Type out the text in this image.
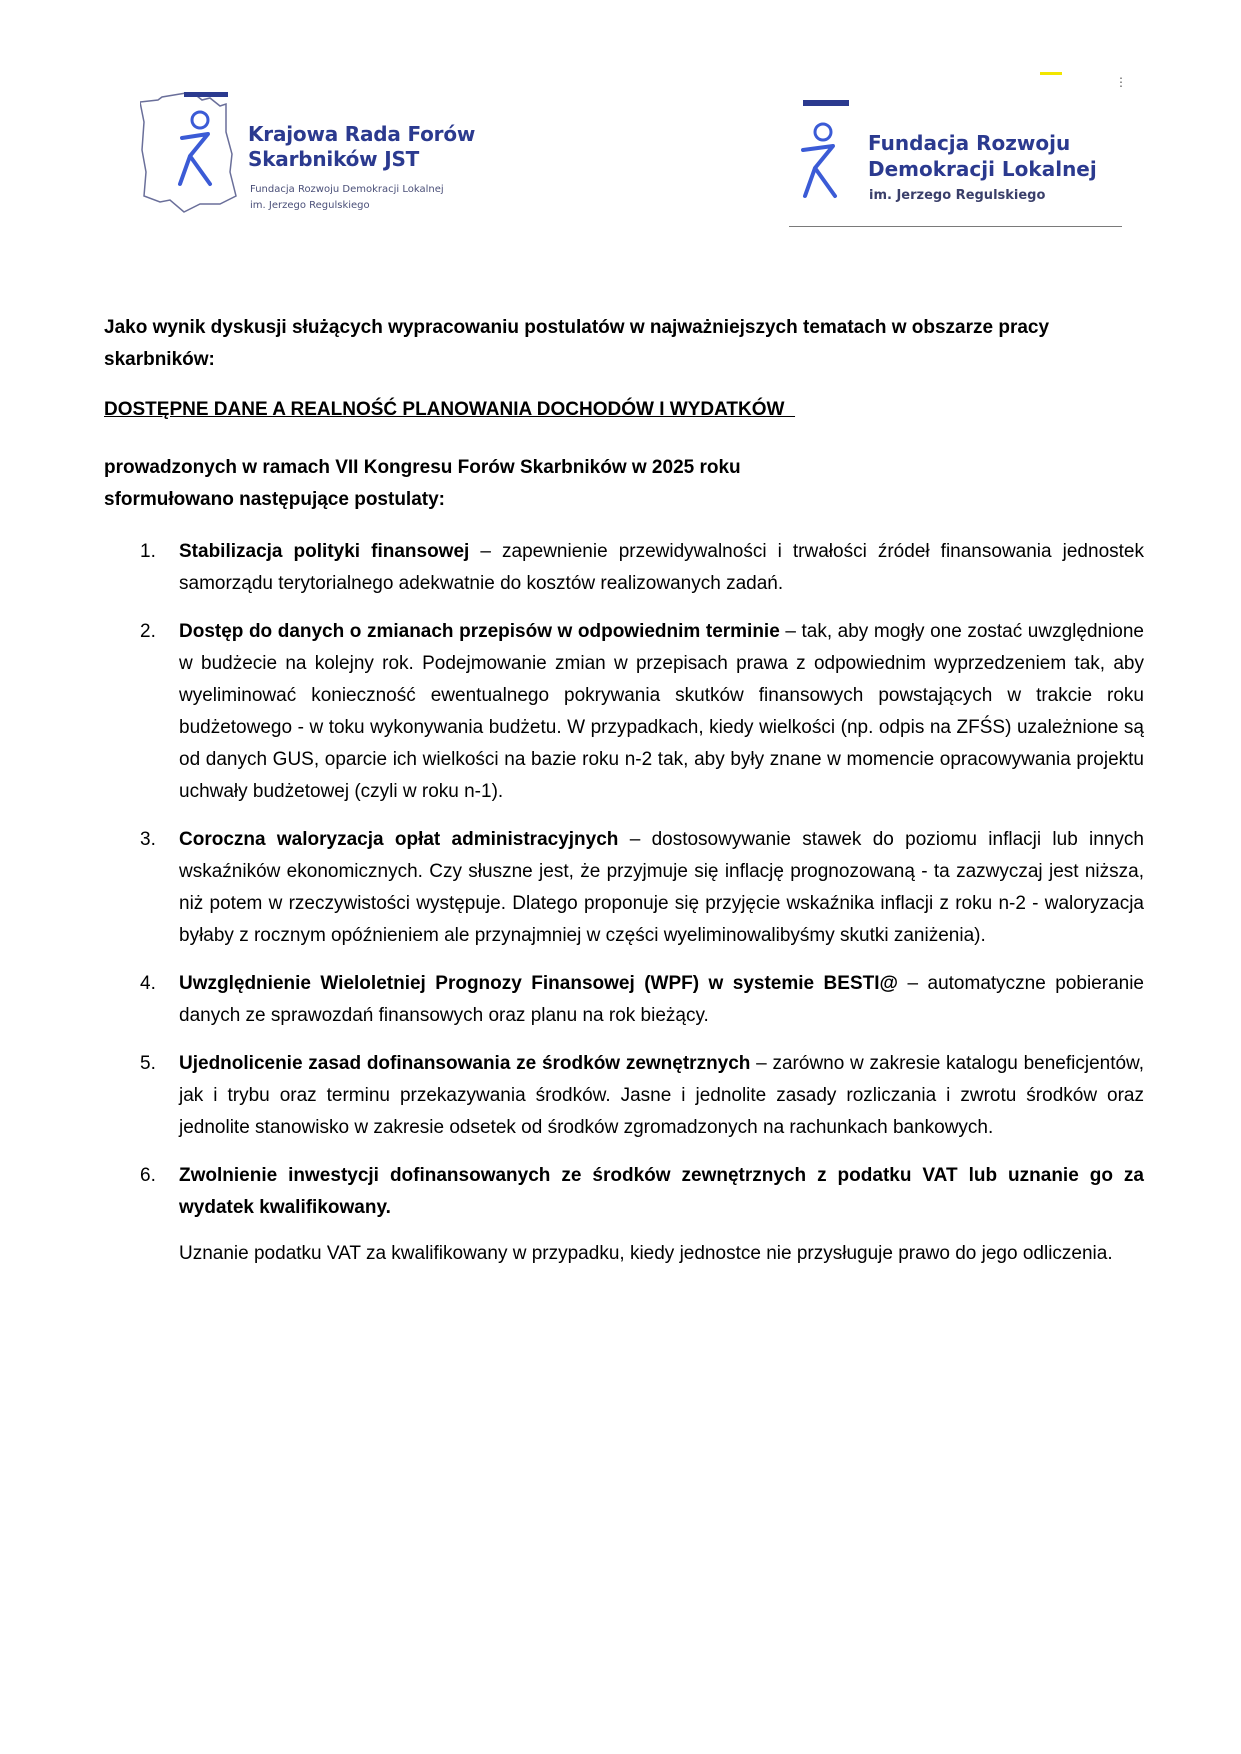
Krajowa Rada Forów
Skarbników JST
Fundacja Rozwoju Demokracji Lokalnej
im. Jerzego Regulskiego
⋮
Fundacja Rozwoju
Demokracji Lokalnej
im. Jerzego Regulskiego
Jako wynik dyskusji służących wypracowaniu postulatów w najważniejszych tematach w obszarze pracy skarbników:
DOSTĘPNE DANE A REALNOŚĆ PLANOWANIA DOCHODÓW I WYDATKÓW
prowadzonych w ramach VII Kongresu Forów Skarbników w 2025 roku
sformułowano następujące postulaty:
1. Stabilizacja polityki finansowej – zapewnienie przewidywalności i trwałości źródeł finansowania jednostek samorządu terytorialnego adekwatnie do kosztów realizowanych zadań.
2. Dostęp do danych o zmianach przepisów w odpowiednim terminie – tak, aby mogły one zostać uwzględnione w budżecie na kolejny rok. Podejmowanie zmian w przepisach prawa z odpowiednim wyprzedzeniem tak, aby wyeliminować konieczność ewentualnego pokrywania skutków finansowych powstających w trakcie roku budżetowego - w toku wykonywania budżetu. W przypadkach, kiedy wielkości (np. odpis na ZFŚS) uzależnione są od danych GUS, oparcie ich wielkości na bazie roku n-2 tak, aby były znane w momencie opracowywania projektu uchwały budżetowej (czyli w roku n-1).
3. Coroczna waloryzacja opłat administracyjnych – dostosowywanie stawek do poziomu inflacji lub innych wskaźników ekonomicznych. Czy słuszne jest, że przyjmuje się inflację prognozowaną - ta zazwyczaj jest niższa, niż potem w rzeczywistości występuje. Dlatego proponuje się przyjęcie wskaźnika inflacji z roku n-2 - waloryzacja byłaby z rocznym opóźnieniem ale przynajmniej w części wyeliminowalibyśmy skutki zaniżenia).
4. Uwzględnienie Wieloletniej Prognozy Finansowej (WPF) w systemie BESTI@ – automatyczne pobieranie danych ze sprawozdań finansowych oraz planu na rok bieżący.
5. Ujednolicenie zasad dofinansowania ze środków zewnętrznych – zarówno w zakresie katalogu beneficjentów, jak i trybu oraz terminu przekazywania środków. Jasne i jednolite zasady rozliczania i zwrotu środków oraz jednolite stanowisko w zakresie odsetek od środków zgromadzonych na rachunkach bankowych.
6. Zwolnienie inwestycji dofinansowanych ze środków zewnętrznych z podatku VAT lub uznanie go za wydatek kwalifikowany.
Uznanie podatku VAT za kwalifikowany w przypadku, kiedy jednostce nie przysługuje prawo do jego odliczenia.
